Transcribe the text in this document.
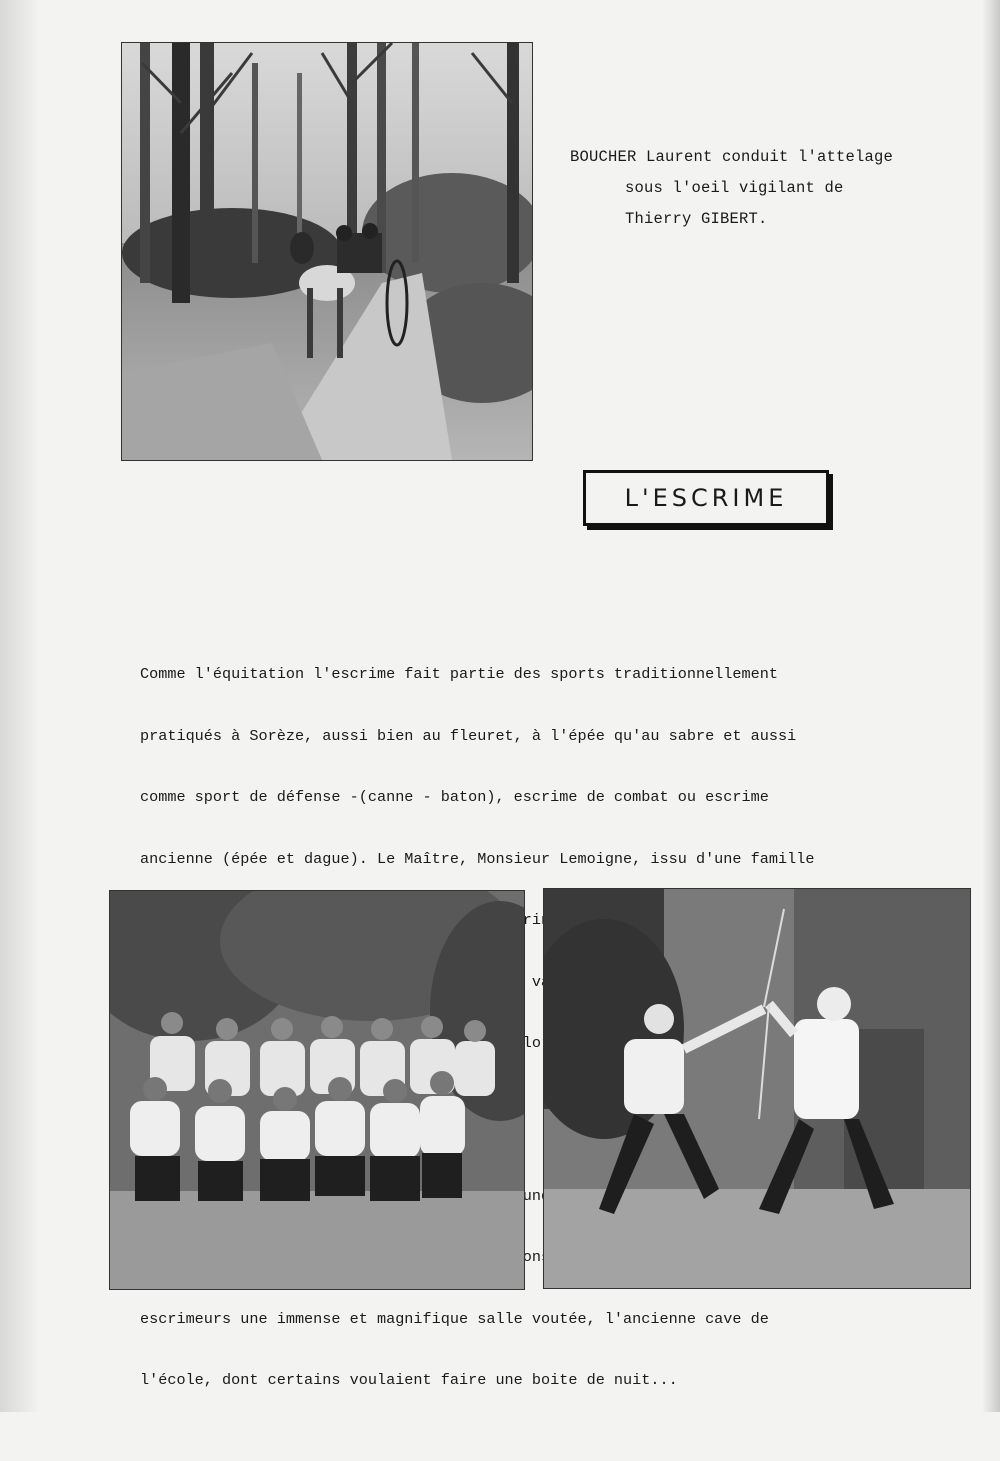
BOUCHER Laurent conduit l'attelage
sous l'oeil vigilant de
Thierry GIBERT.
L'ESCRIME

Comme l'équitation l'escrime fait partie des sports traditionnellement

pratiqués à Sorèze, aussi bien au fleuret, à l'épée qu'au sabre et aussi

comme sport de défense -(canne - baton), escrime de combat ou escrime

ancienne (épée et dague). Le Maître, Monsieur Lemoigne, issu d'une famille

Marine

lundi

escrimeurs une immense et magnifique salle voutée, l'ancienne cave de

l'école, dont certains voulaient faire une boite de nuit...
